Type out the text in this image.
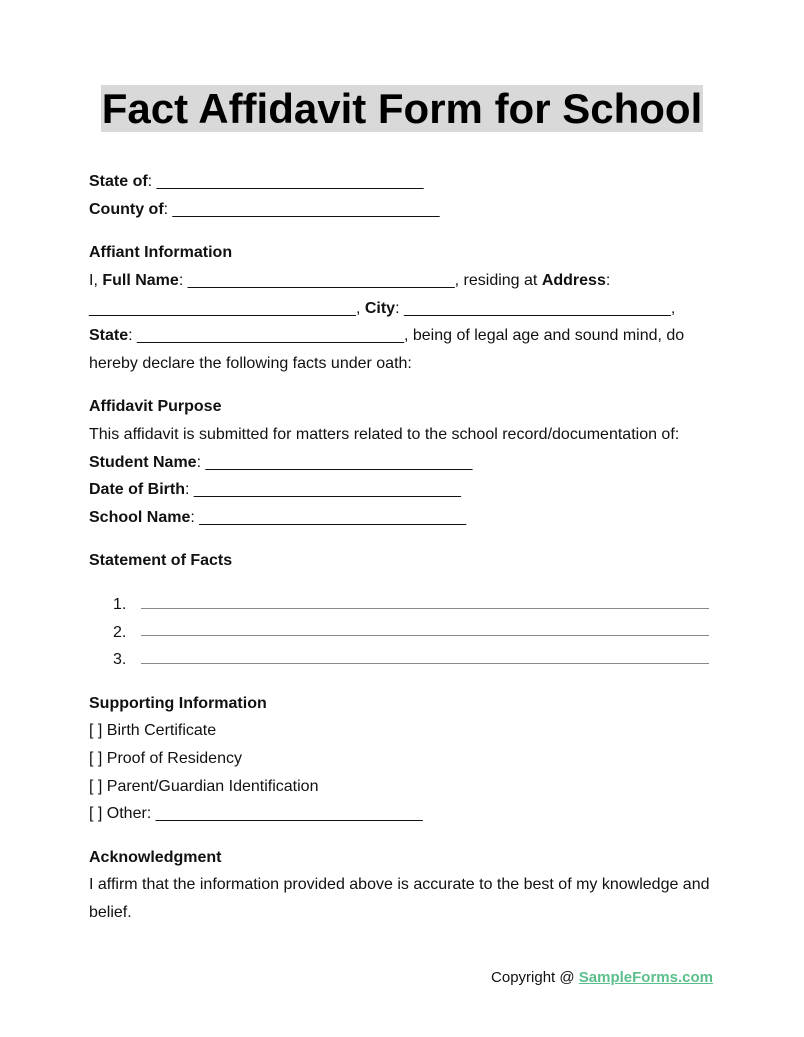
Fact Affidavit Form for School
State of: ______________________________
County of: ______________________________
Affiant Information
I, Full Name: ______________________________, residing at Address:
______________________________, City: ______________________________,
State: ______________________________, being of legal age and sound mind, do
hereby declare the following facts under oath:
Affidavit Purpose
This affidavit is submitted for matters related to the school record/documentation of:
Student Name: ______________________________
Date of Birth: ______________________________
School Name: ______________________________
Statement of Facts
1.
2.
3.
Supporting Information
[ ] Birth Certificate
[ ] Proof of Residency
[ ] Parent/Guardian Identification
[ ] Other: ______________________________
Acknowledgment
I affirm that the information provided above is accurate to the best of my knowledge and
belief.
Copyright @ SampleForms.com
